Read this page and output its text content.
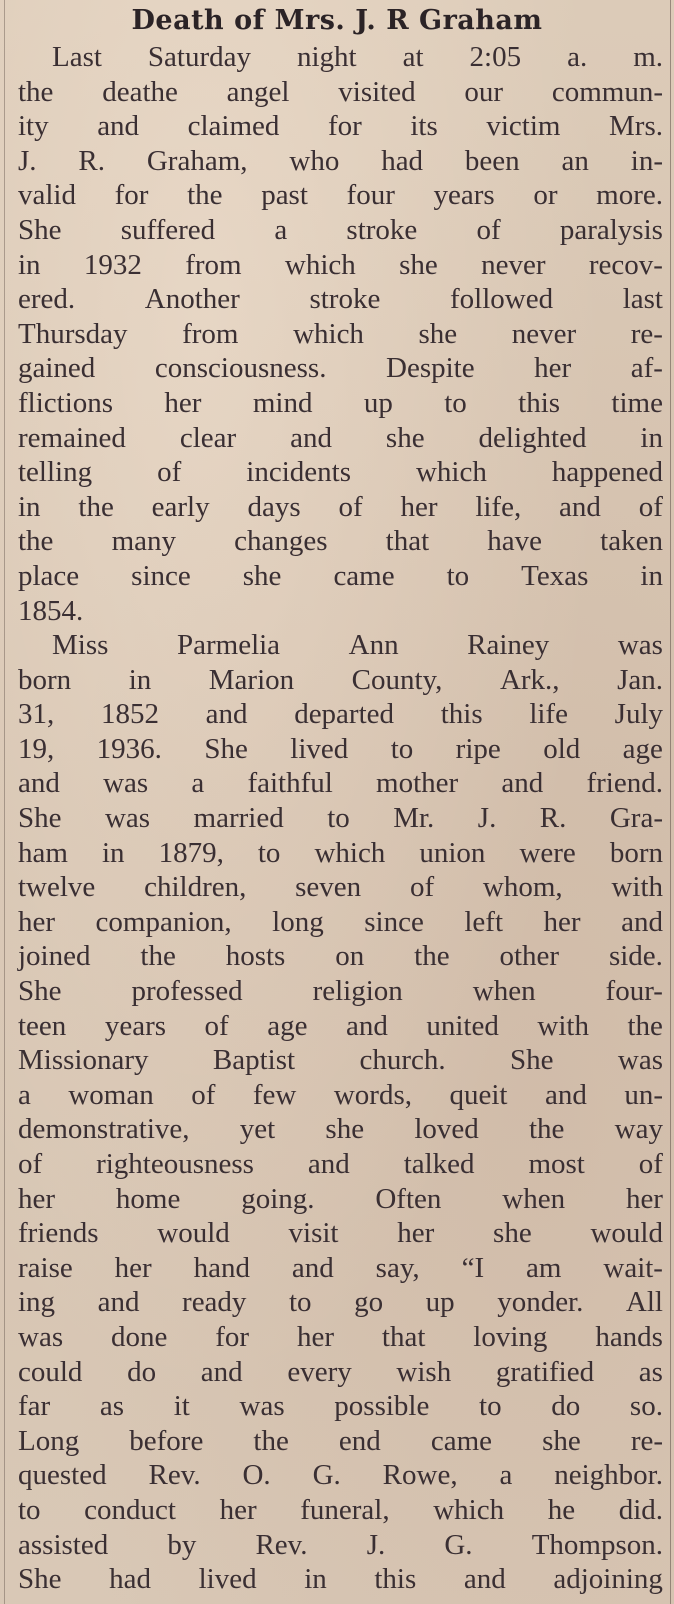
Death of Mrs. J. R Graham
Last Saturday night at 2:05 a. m.
the deathe angel visited our commun-
ity and claimed for its victim Mrs.
J. R. Graham, who had been an in-
valid for the past four years or more.
She suffered a stroke of paralysis
in 1932 from which she never recov-
ered. Another stroke followed last
Thursday from which she never re-
gained consciousness. Despite her af-
flictions her mind up to this time
remained clear and she delighted in
telling of incidents which happened
in the early days of her life, and of
the many changes that have taken
place since she came to Texas in
1854.
Miss Parmelia Ann Rainey was
born in Marion County, Ark., Jan.
31, 1852 and departed this life July
19, 1936. She lived to ripe old age
and was a faithful mother and friend.
She was married to Mr. J. R. Gra-
ham in 1879, to which union were born
twelve children, seven of whom, with
her companion, long since left her and
joined the hosts on the other side.
She professed religion when four-
teen years of age and united with the
Missionary Baptist church. She was
a woman of few words, queit and un-
demonstrative, yet she loved the way
of righteousness and talked most of
her home going. Often when her
friends would visit her she would
raise her hand and say, “I am wait-
ing and ready to go up yonder. All
was done for her that loving hands
could do and every wish gratified as
far as it was possible to do so.
Long before the end came she re-
quested Rev. O. G. Rowe, a neighbor.
to conduct her funeral, which he did.
assisted by Rev. J. G. Thompson.
She had lived in this and adjoining
